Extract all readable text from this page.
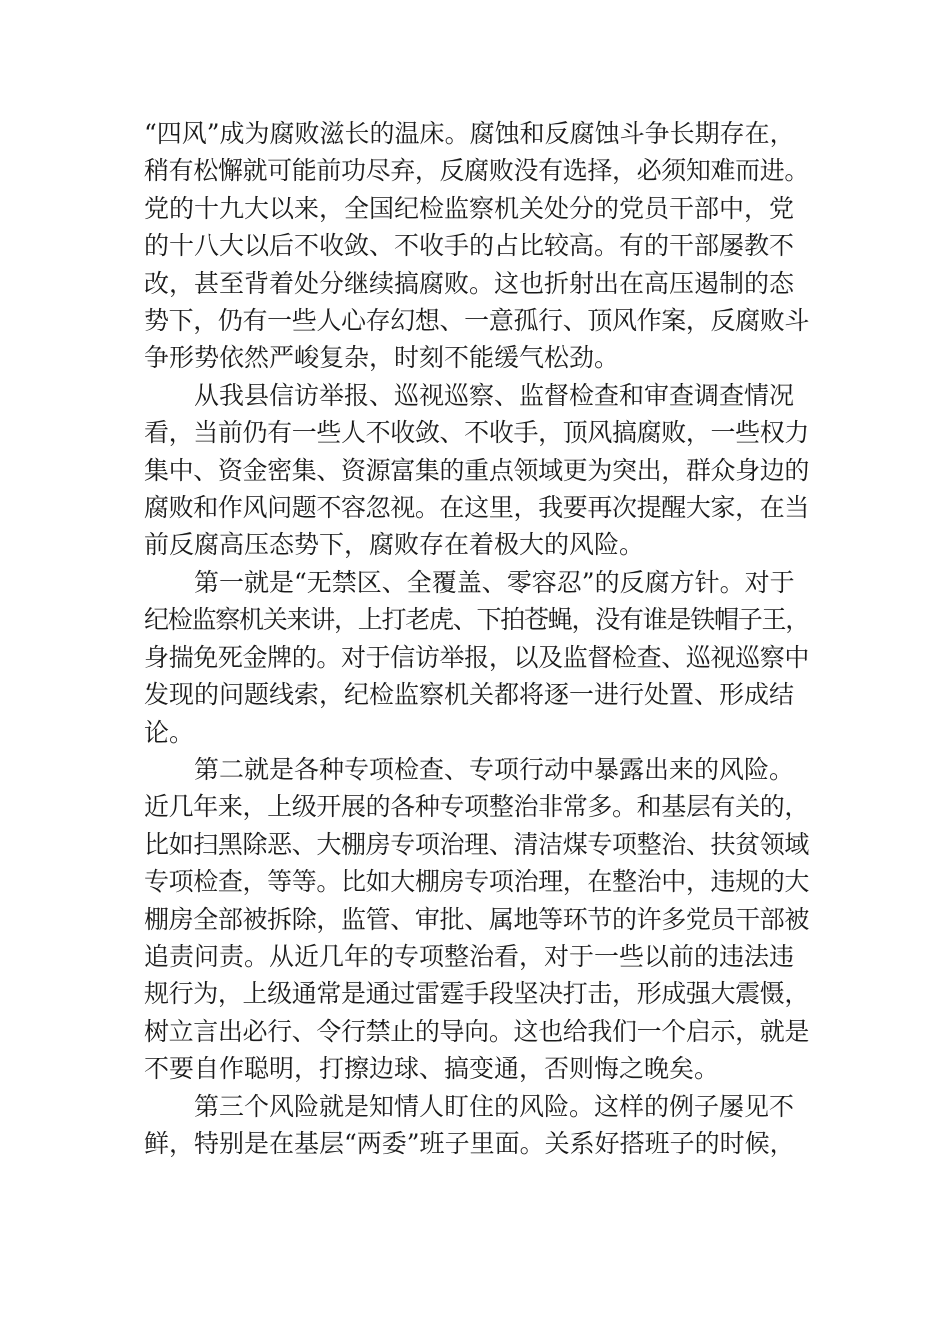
“四风”成为腐败滋长的温床。腐蚀和反腐蚀斗争长期存在，
稍有松懈就可能前功尽弃，反腐败没有选择，必须知难而进。
党的十九大以来，全国纪检监察机关处分的党员干部中，党
的十八大以后不收敛、不收手的占比较高。有的干部屡教不
改，甚至背着处分继续搞腐败。这也折射出在高压遏制的态
势下，仍有一些人心存幻想、一意孤行、顶风作案，反腐败斗
争形势依然严峻复杂，时刻不能缓气松劲。
从我县信访举报、巡视巡察、监督检查和审查调查情况
看，当前仍有一些人不收敛、不收手，顶风搞腐败，一些权力
集中、资金密集、资源富集的重点领域更为突出，群众身边的
腐败和作风问题不容忽视。在这里，我要再次提醒大家，在当
前反腐高压态势下，腐败存在着极大的风险。
第一就是“无禁区、全覆盖、零容忍”的反腐方针。对于
纪检监察机关来讲，上打老虎、下拍苍蝇，没有谁是铁帽子王，
身揣免死金牌的。对于信访举报，以及监督检查、巡视巡察中
发现的问题线索，纪检监察机关都将逐一进行处置、形成结
论。
第二就是各种专项检查、专项行动中暴露出来的风险。
近几年来，上级开展的各种专项整治非常多。和基层有关的，
比如扫黑除恶、大棚房专项治理、清洁煤专项整治、扶贫领域
专项检查，等等。比如大棚房专项治理，在整治中，违规的大
棚房全部被拆除，监管、审批、属地等环节的许多党员干部被
追责问责。从近几年的专项整治看，对于一些以前的违法违
规行为，上级通常是通过雷霆手段坚决打击，形成强大震慑，
树立言出必行、令行禁止的导向。这也给我们一个启示，就是
不要自作聪明，打擦边球、搞变通，否则悔之晚矣。
第三个风险就是知情人盯住的风险。这样的例子屡见不
鲜，特别是在基层“两委”班子里面。关系好搭班子的时候，
